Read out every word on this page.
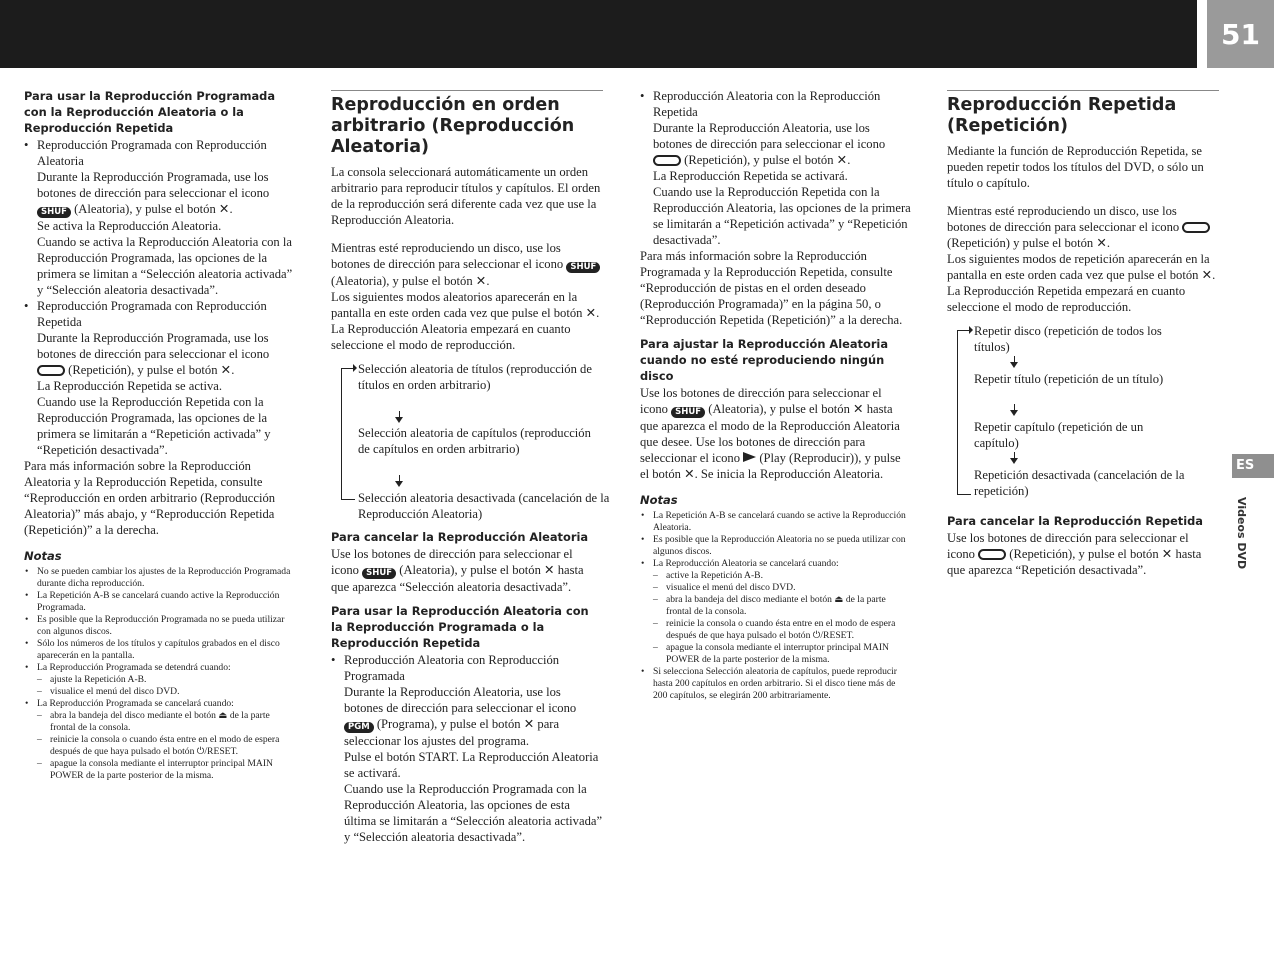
51
ES
Videos DVD
Para usar la Reproducción Programada con la Reproducción Aleatoria o la Reproducción Repetida

• Reproducción Programada con Reproducción Aleatoria

Durante la Reproducción Programada, use los botones de dirección para seleccionar el icono SHUF (Aleatoria), y pulse el botón ✕.

Se activa la Reproducción Aleatoria.

Cuando se activa la Reproducción Aleatoria con la Reproducción Programada, las opciones de la primera se limitan a “Selección aleatoria activada” y “Selección aleatoria desactivada”.

• Reproducción Programada con Reproducción Repetida

Durante la Reproducción Programada, use los botones de dirección para seleccionar el icono  (Repetición), y pulse el botón ✕.

La Reproducción Repetida se activa.

Cuando use la Reproducción Repetida con la Reproducción Programada, las opciones de la primera se limitarán a “Repetición activada” y “Repetición desactivada”.

Para más información sobre la Reproducción Aleatoria y la Reproducción Repetida, consulte “Reproducción en orden arbitrario (Reproducción Aleatoria)” más abajo, y “Reproducción Repetida (Repetición)” a la derecha.

Notas
• No se pueden cambiar los ajustes de la Reproducción Programada durante dicha reproducción.
• La Repetición A-B se cancelará cuando active la Reproducción Programada.
• Es posible que la Reproducción Programada no se pueda utilizar con algunos discos.
• Sólo los números de los títulos y capítulos grabados en el disco aparecerán en la pantalla.
• La Reproducción Programada se detendrá cuando:
– ajuste la Repetición A-B.
– visualice el menú del disco DVD.
• La Reproducción Programada se cancelará cuando:
– abra la bandeja del disco mediante el botón ⏏ de la parte frontal de la consola.
– reinicie la consola o cuando ésta entre en el modo de espera después de que haya pulsado el botón ⏻/RESET.
– apague la consola mediante el interruptor principal MAIN POWER de la parte posterior de la misma.
Reproducción en orden arbitrario (Reproducción Aleatoria)

La consola seleccionará automáticamente un orden arbitrario para reproducir títulos y capítulos. El orden de la reproducción será diferente cada vez que use la Reproducción Aleatoria.

Mientras esté reproduciendo un disco, use los botones de dirección para seleccionar el icono SHUF (Aleatoria), y pulse el botón ✕.

Los siguientes modos aleatorios aparecerán en la pantalla en este orden cada vez que pulse el botón ✕. La Reproducción Aleatoria empezará en cuanto seleccione el modo de reproducción.

Selección aleatoria de títulos (reproducción de títulos en orden arbitrario)

Selección aleatoria de capítulos (reproducción de capítulos en orden arbitrario)

Selección aleatoria desactivada (cancelación de la Reproducción Aleatoria)

Para cancelar la Reproducción Aleatoria

Use los botones de dirección para seleccionar el icono SHUF (Aleatoria), y pulse el botón ✕ hasta que aparezca “Selección aleatoria desactivada”.

Para usar la Reproducción Aleatoria con la Reproducción Programada o la Reproducción Repetida

• Reproducción Aleatoria con Reproducción Programada

Durante la Reproducción Aleatoria, use los botones de dirección para seleccionar el icono PGM (Programa), y pulse el botón ✕ para seleccionar los ajustes del programa.

Pulse el botón START. La Reproducción Aleatoria se activará.

Cuando use la Reproducción Programada con la Reproducción Aleatoria, las opciones de esta última se limitarán a “Selección aleatoria activada” y “Selección aleatoria desactivada”.

• Reproducción Aleatoria con la Reproducción Repetida

Durante la Reproducción Aleatoria, use los botones de dirección para seleccionar el icono  (Repetición), y pulse el botón ✕.

La Reproducción Repetida se activará.

Cuando use la Reproducción Repetida con la Reproducción Aleatoria, las opciones de la primera se limitarán a “Repetición activada” y “Repetición desactivada”.

Para más información sobre la Reproducción Programada y la Reproducción Repetida, consulte “Reproducción de pistas en el orden deseado (Reproducción Programada)” en la página 50, o “Reproducción Repetida (Repetición)” a la derecha.

Para ajustar la Reproducción Aleatoria cuando no esté reproduciendo ningún disco

Use los botones de dirección para seleccionar el icono SHUF (Aleatoria), y pulse el botón ✕ hasta que aparezca el modo de la Reproducción Aleatoria que desee. Use los botones de dirección para seleccionar el icono (Play (Reproducir)), y pulse el botón ✕. Se inicia la Reproducción Aleatoria.

Notas
• La Repetición A-B se cancelará cuando se active la Reproducción Aleatoria.
• Es posible que la Reproducción Aleatoria no se pueda utilizar con algunos discos.
• La Reproducción Aleatoria se cancelará cuando:
– active la Repetición A-B.
– visualice el menú del disco DVD.
– abra la bandeja del disco mediante el botón ⏏ de la parte frontal de la consola.
– reinicie la consola o cuando ésta entre en el modo de espera después de que haya pulsado el botón ⏻/RESET.
– apague la consola mediante el interruptor principal MAIN POWER de la parte posterior de la misma.
• Si selecciona Selección aleatoria de capítulos, puede reproducir hasta 200 capítulos en orden arbitrario. Si el disco tiene más de 200 capítulos, se elegirán 200 arbitrariamente.
Reproducción Repetida (Repetición)

Mediante la función de Reproducción Repetida, se pueden repetir todos los títulos del DVD, o sólo un título o capítulo.

Mientras esté reproduciendo un disco, use los botones de dirección para seleccionar el icono  (Repetición) y pulse el botón ✕.

Los siguientes modos de repetición aparecerán en la pantalla en este orden cada vez que pulse el botón ✕. La Reproducción Repetida empezará en cuanto seleccione el modo de reproducción.

Repetir disco (repetición de todos los títulos)

Repetir título (repetición de un título)

Repetir capítulo (repetición de un capítulo)

Repetición desactivada (cancelación de la repetición)

Para cancelar la Reproducción Repetida

Use los botones de dirección para seleccionar el icono	(Repetición), y pulse el botón ✕ hasta que aparezca “Repetición desactivada”.
